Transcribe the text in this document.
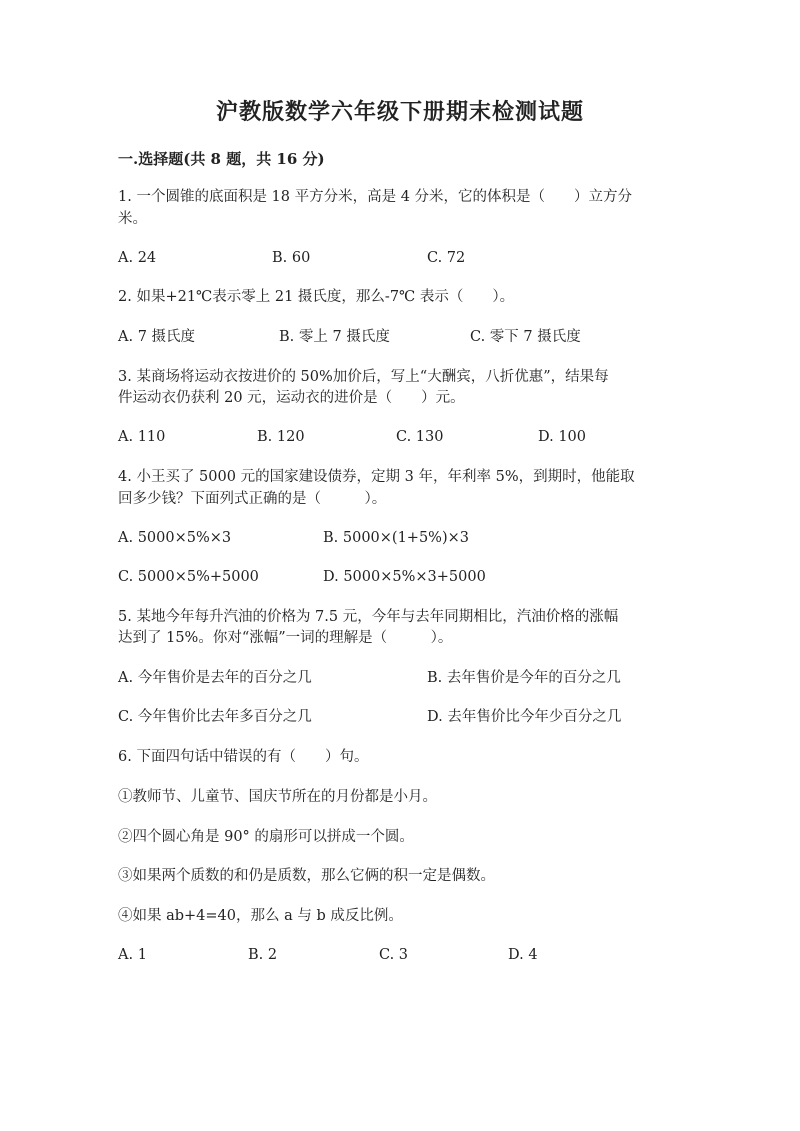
沪教版数学六年级下册期末检测试题
一.选择题(共 8 题，共 16 分)
1. 一个圆锥的底面积是 18 平方分米，高是 4 分米，它的体积是（　　）立方分
米。
A. 24	B. 60	C. 72
2. 如果+21℃表示零上 21 摄氏度，那么-7℃ 表示（　　）。
A. 7 摄氏度	B. 零上 7 摄氏度	C. 零下 7 摄氏度
3. 某商场将运动衣按进价的 50%加价后，写上“大酬宾，八折优惠”，结果每
件运动衣仍获利 20 元，运动衣的进价是（　　）元。
A. 110	B. 120	C. 130	D. 100
4. 小王买了 5000 元的国家建设债券，定期 3 年，年利率 5%，到期时，他能取
回多少钱？下面列式正确的是（　　　）。
A. 5000×5%×3	B. 5000×(1+5%)×3
C. 5000×5%+5000	D. 5000×5%×3+5000
5. 某地今年每升汽油的价格为 7.5 元，今年与去年同期相比，汽油价格的涨幅
达到了 15%。你对“涨幅”一词的理解是（　　　）。
A. 今年售价是去年的百分之几	B. 去年售价是今年的百分之几
C. 今年售价比去年多百分之几	D. 去年售价比今年少百分之几
6. 下面四句话中错误的有（　　）句。
①教师节、儿童节、国庆节所在的月份都是小月。
②四个圆心角是 90° 的扇形可以拼成一个圆。
③如果两个质数的和仍是质数，那么它俩的积一定是偶数。
④如果 ab+4=40，那么 a 与 b 成反比例。
A. 1	B. 2	C. 3	D. 4
